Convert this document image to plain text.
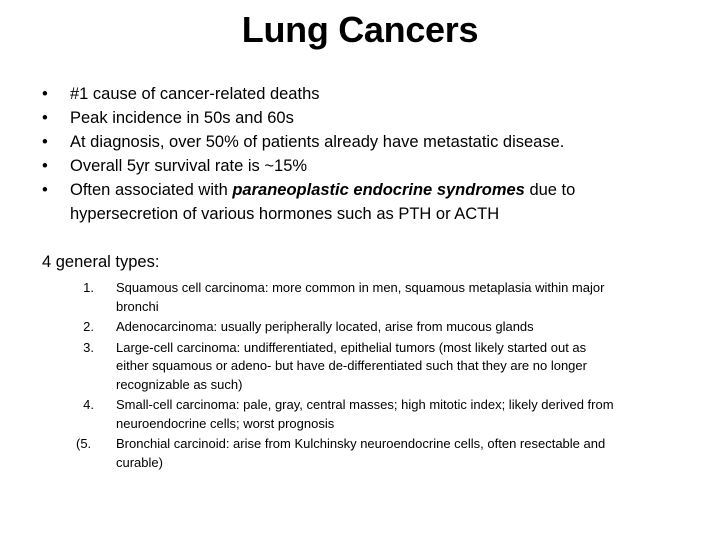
Lung Cancers
•	#1 cause of cancer-related deaths
•	Peak incidence in 50s and 60s
•	At diagnosis, over 50% of patients already have metastatic disease.
•	Overall 5yr survival rate is ~15%
•	Often associated with paraneoplastic endocrine syndromes due to
hypersecretion of various hormones such as PTH or ACTH
4 general types:
1. Squamous cell carcinoma: more common in men, squamous metaplasia within major
bronchi
2. Adenocarcinoma: usually peripherally located, arise from mucous glands
3. Large-cell carcinoma: undifferentiated, epithelial tumors (most likely started out as
either squamous or adeno- but have de-differentiated such that they are no longer
recognizable as such)
4. Small-cell carcinoma: pale, gray, central masses; high mitotic index; likely derived from
neuroendocrine cells; worst prognosis
(5.	Bronchial carcinoid: arise from Kulchinsky neuroendocrine cells, often resectable and
curable)
